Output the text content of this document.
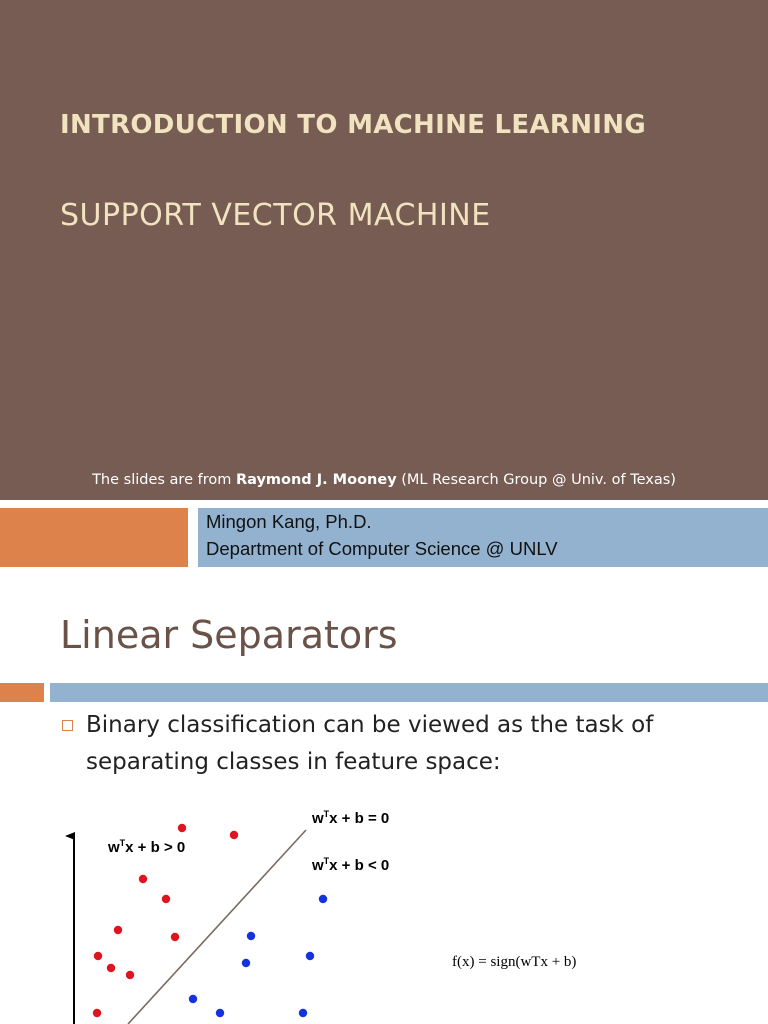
INTRODUCTION TO MACHINE LEARNING
SUPPORT VECTOR MACHINE
The slides are from Raymond J. Mooney (ML Research Group @ Univ. of Texas)
Mingon Kang, Ph.D.
Department of Computer Science @ UNLV
Linear Separators
Binary classification can be viewed as the task of separating classes in feature space:
$w^Tx + b = 0$
$w^Tx + b > 0$
$w^Tx + b < 0$
f(x) = sign(wTx + b)
